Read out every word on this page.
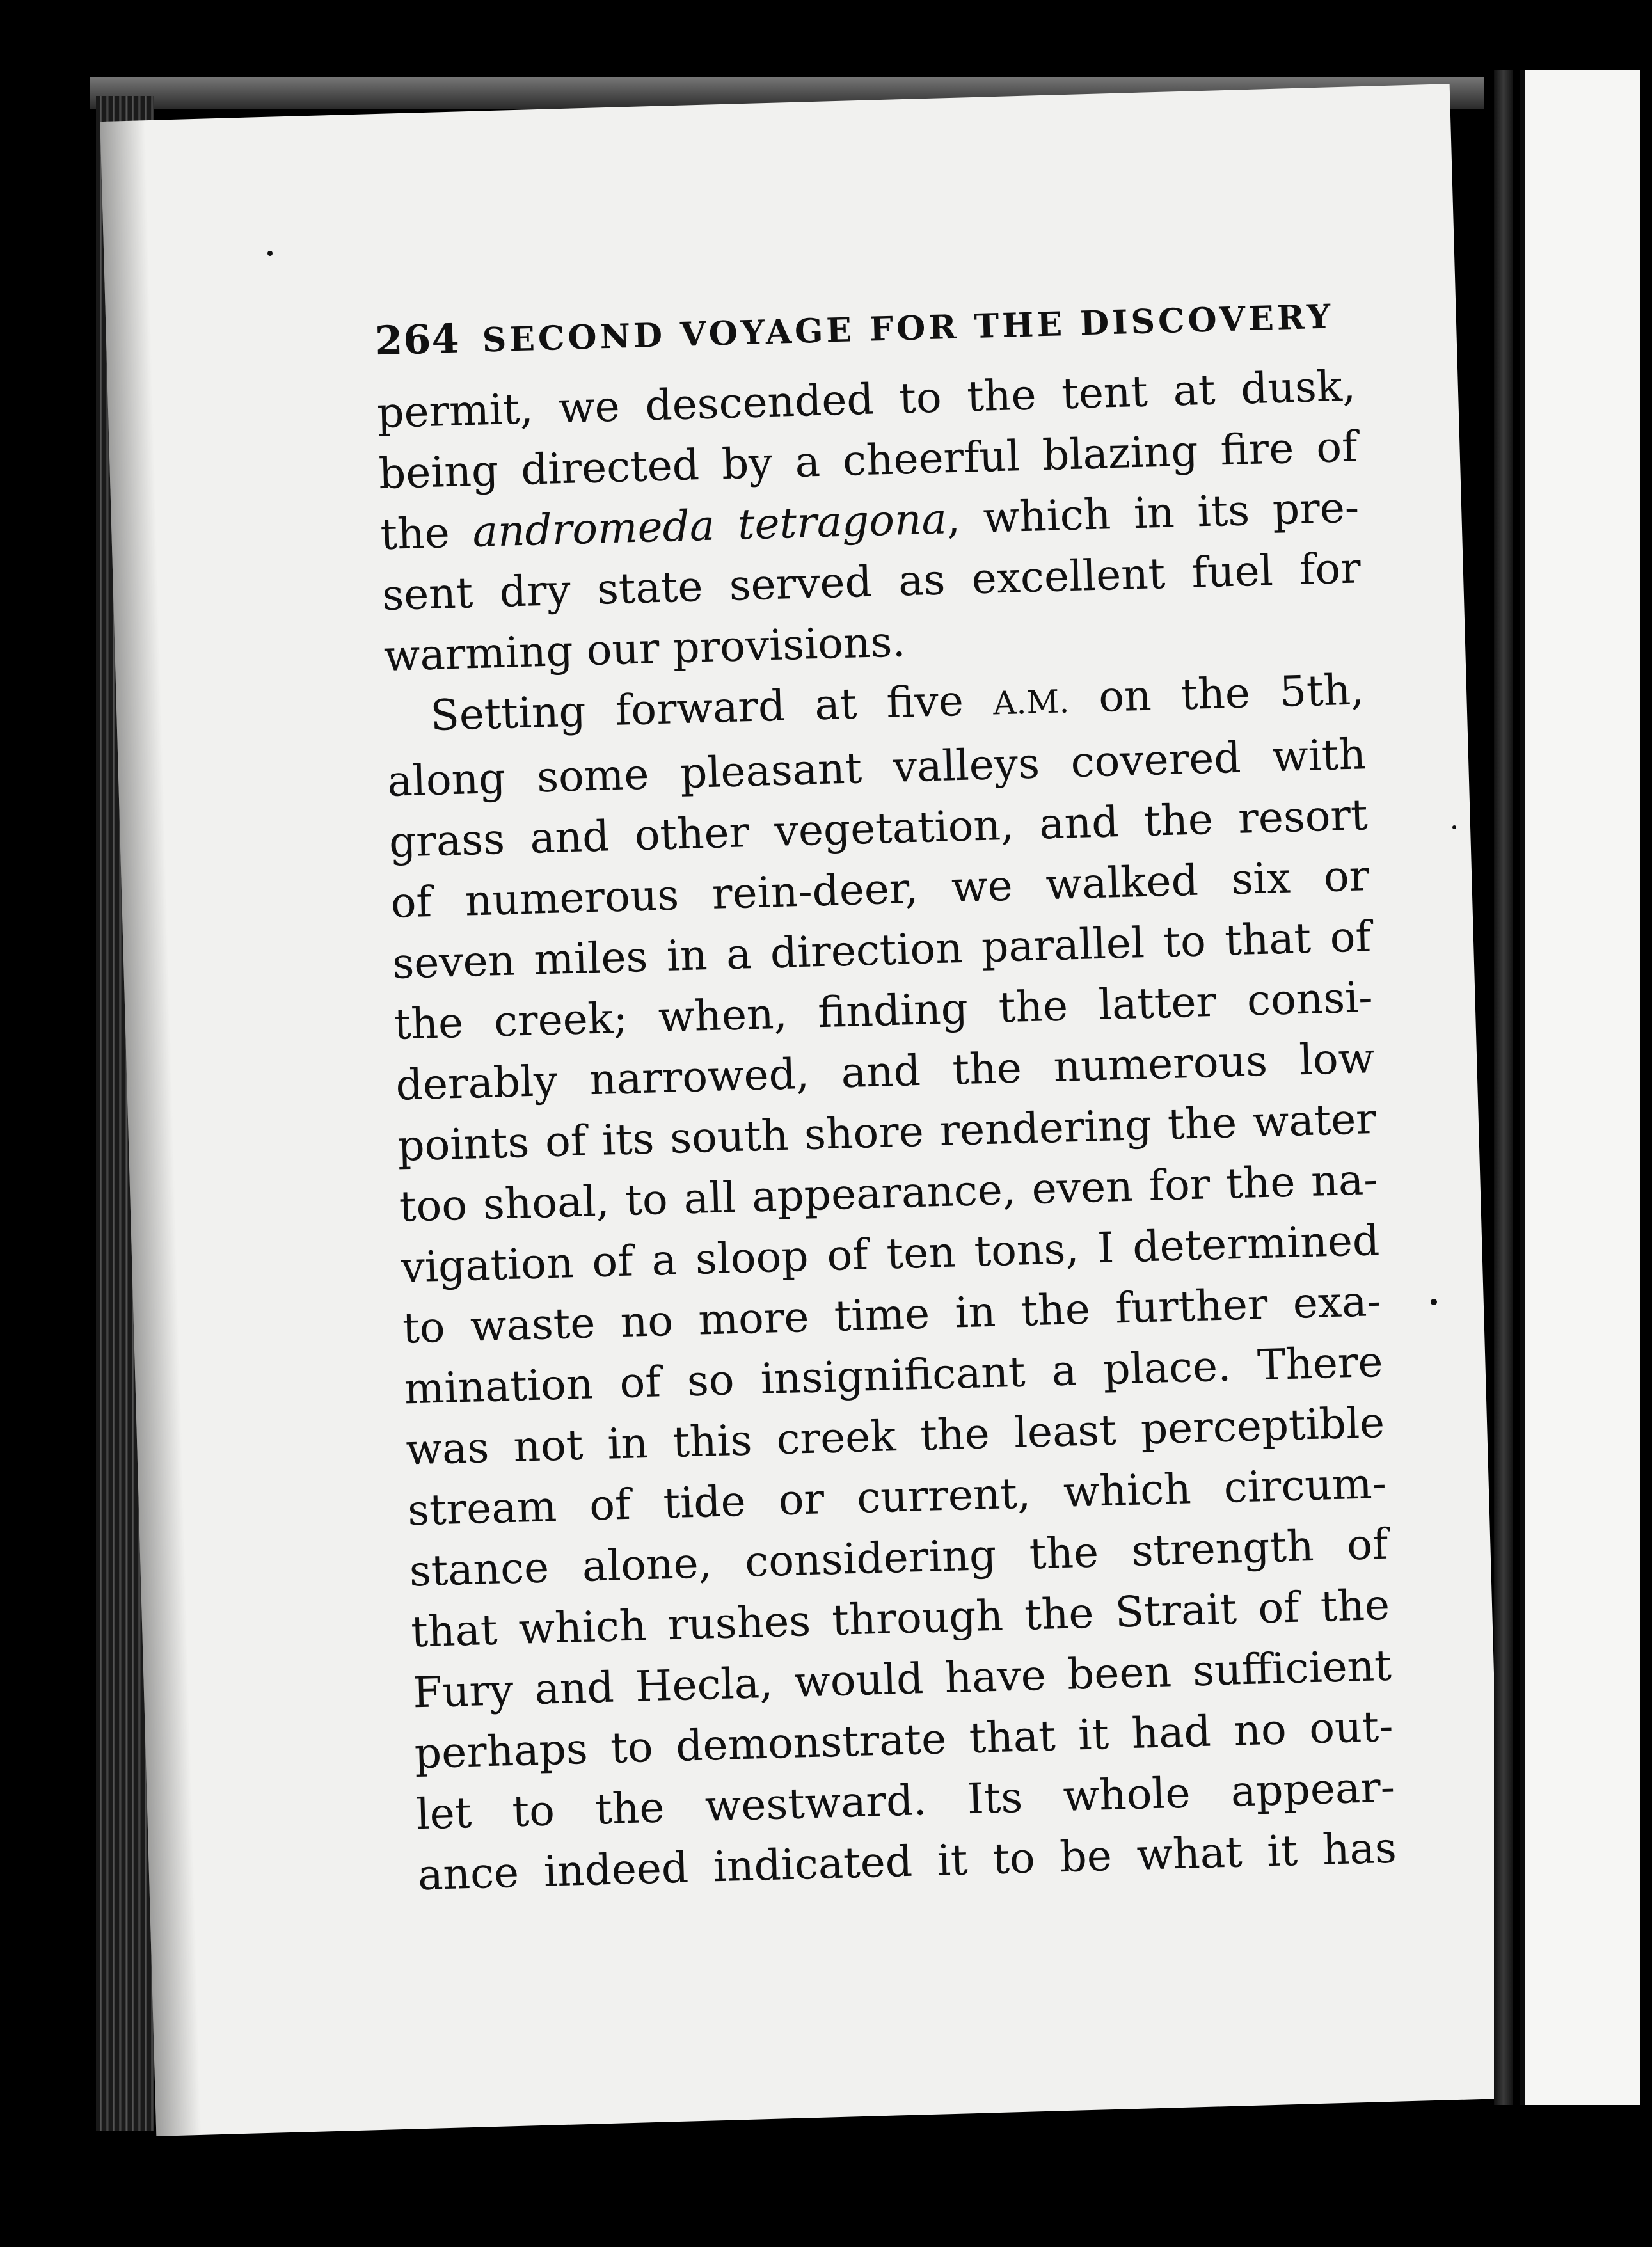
264 SECOND VOYAGE FOR THE DISCOVERY
permit, we descended to the tent at dusk,
being directed by a cheerful blazing fire of
the andromeda tetragona, which in its pre-
sent dry state served as excellent fuel for
warming our provisions.
Setting forward at five A.M. on the 5th,
along some pleasant valleys covered with
grass and other vegetation, and the resort
of numerous rein-deer, we walked six or
seven miles in a direction parallel to that of
the creek; when, finding the latter consi-
derably narrowed, and the numerous low
points of its south shore rendering the water
too shoal, to all appearance, even for the na-
vigation of a sloop of ten tons, I determined
to waste no more time in the further exa-
mination of so insignificant a place. There
was not in this creek the least perceptible
stream of tide or current, which circum-
stance alone, considering the strength of
that which rushes through the Strait of the
Fury and Hecla, would have been sufficient
perhaps to demonstrate that it had no out-
let to the westward. Its whole appear-
ance indeed indicated it to be what it has
